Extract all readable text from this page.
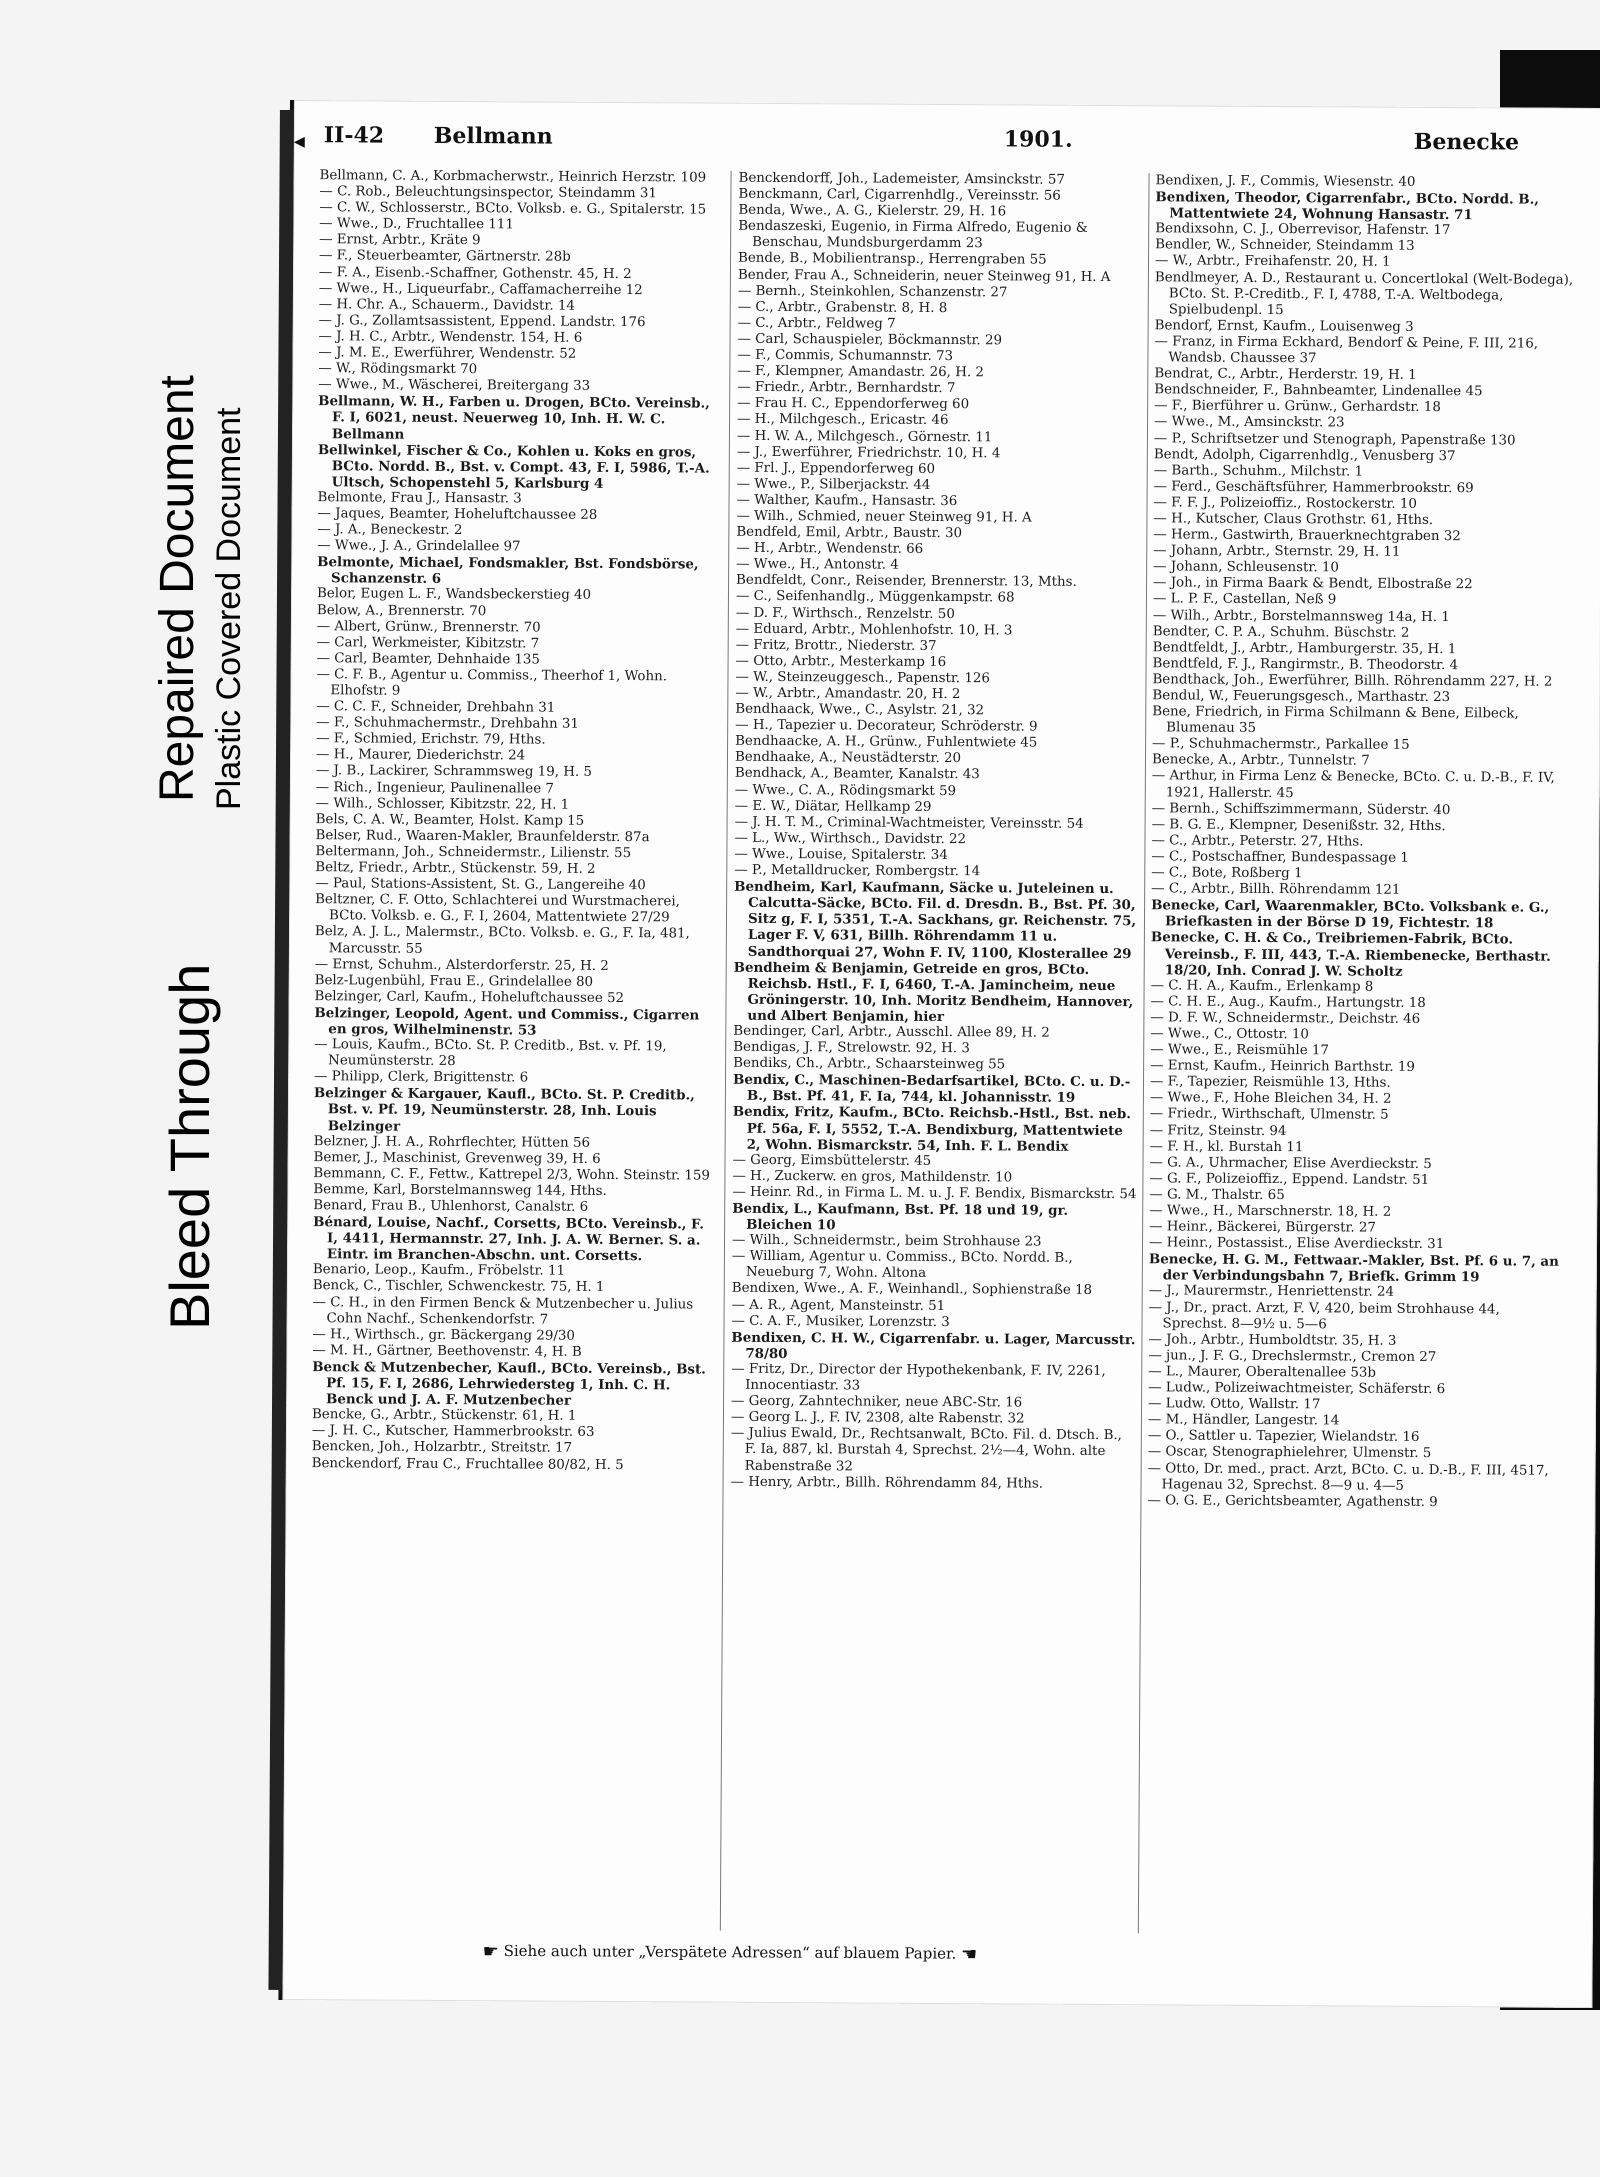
Bleed Through
Repaired Document Plastic Covered Document
◂ II-42 Bellmann	1901.	Benecke

Bellmann, C. A., Korbmacherwstr., Heinrich Herzstr. 109

— C. Rob., Beleuchtungsinspector, Steindamm 31

— C. W., Schlosserstr., BCto. Volksb. e. G., Spitalerstr. 15

— Wwe., D., Fruchtallee 111

— Ernst, Arbtr., Kräte 9

— F., Steuerbeamter, Gärtnerstr. 28b

— F. A., Eisenb.-Schaffner, Gothenstr. 45, H. 2

— Wwe., H., Liqueurfabr., Caffamacherreihe 12

— H. Chr. A., Schauerm., Davidstr. 14

— J. G., Zollamtsassistent, Eppend. Landstr. 176

— J. H. C., Arbtr., Wendenstr. 154, H. 6

— J. M. E., Ewerführer, Wendenstr. 52

— W., Rödingsmarkt 70

— Wwe., M., Wäscherei, Breitergang 33

Bellmann, W. H., Farben u. Drogen, BCto. Vereinsb., F. I, 6021, neust. Neuerweg 10, Inh. H. W. C. Bellmann

Bellwinkel, Fischer & Co., Kohlen u. Koks en gros, BCto. Nordd. B., Bst. v. Compt. 43, F. I, 5986, T.-A. Ultsch, Schopenstehl 5, Karlsburg 4

Belmonte, Frau J., Hansastr. 3

— Jaques, Beamter, Hoheluftchaussee 28

— J. A., Beneckestr. 2

— Wwe., J. A., Grindelallee 97

Belmonte, Michael, Fondsmakler, Bst. Fondsbörse, Schanzenstr. 6

Belor, Eugen L. F., Wandsbeckerstieg 40

Below, A., Brennerstr. 70

— Albert, Grünw., Brennerstr. 70

— Carl, Werkmeister, Kibitzstr. 7

— Carl, Beamter, Dehnhaide 135

— C. F. B., Agentur u. Commiss., Theerhof 1, Wohn. Elhofstr. 9

— C. C. F., Schneider, Drehbahn 31

— F., Schuhmachermstr., Drehbahn 31

— F., Schmied, Erichstr. 79, Hths.

— H., Maurer, Diederichstr. 24

— J. B., Lackirer, Schrammsweg 19, H. 5

— Rich., Ingenieur, Paulinenallee 7

— Wilh., Schlosser, Kibitzstr. 22, H. 1

Bels, C. A. W., Beamter, Holst. Kamp 15

Belser, Rud., Waaren-Makler, Braunfelderstr. 87a

Beltermann, Joh., Schneidermstr., Lilienstr. 55

Beltz, Friedr., Arbtr., Stückenstr. 59, H. 2

— Paul, Stations-Assistent, St. G., Langereihe 40

Beltzner, C. F. Otto, Schlachterei und Wurstmacherei, BCto. Volksb. e. G., F. I, 2604, Mattentwiete 27/29

Belz, A. J. L., Malermstr., BCto. Volksb. e. G., F. Ia, 481, Marcusstr. 55

— Ernst, Schuhm., Alsterdorferstr. 25, H. 2

Belz-Lugenbühl, Frau E., Grindelallee 80

Belzinger, Carl, Kaufm., Hoheluftchaussee 52

Belzinger, Leopold, Agent. und Commiss., Cigarren en gros, Wilhelminenstr. 53

— Louis, Kaufm., BCto. St. P. Creditb., Bst. v. Pf. 19, Neumünsterstr. 28

— Philipp, Clerk, Brigittenstr. 6

Belzinger & Kargauer, Kaufl., BCto. St. P. Creditb., Bst. v. Pf. 19, Neumünsterstr. 28, Inh. Louis Belzinger

Belzner, J. H. A., Rohrflechter, Hütten 56

Bemer, J., Maschinist, Grevenweg 39, H. 6

Bemmann, C. F., Fettw., Kattrepel 2/3, Wohn. Steinstr. 159

Bemme, Karl, Borstelmannsweg 144, Hths.

Benard, Frau B., Uhlenhorst, Canalstr. 6

Bénard, Louise, Nachf., Corsetts, BCto. Vereinsb., F. I, 4411, Hermannstr. 27, Inh. J. A. W. Berner. S. a. Eintr. im Branchen-Abschn. unt. Corsetts.

Benario, Leop., Kaufm., Fröbelstr. 11

Benck, C., Tischler, Schwenckestr. 75, H. 1

— C. H., in den Firmen Benck & Mutzenbecher u. Julius Cohn Nachf., Schenkendorfstr. 7

— H., Wirthsch., gr. Bäckergang 29/30

— M. H., Gärtner, Beethovenstr. 4, H. B

Benck & Mutzenbecher, Kaufl., BCto. Vereinsb., Bst. Pf. 15, F. I, 2686, Lehrwiedersteg 1, Inh. C. H. Benck und J. A. F. Mutzenbecher

Bencke, G., Arbtr., Stückenstr. 61, H. 1

— J. H. C., Kutscher, Hammerbrookstr. 63

Bencken, Joh., Holzarbtr., Streitstr. 17

Benckendorf, Frau C., Fruchtallee 80/82, H. 5

Benckendorff, Joh., Lademeister, Amsinckstr. 57

Benckmann, Carl, Cigarrenhdlg., Vereinsstr. 56

Benda, Wwe., A. G., Kielerstr. 29, H. 16

Bendaszeski, Eugenio, in Firma Alfredo, Eugenio & Benschau, Mundsburgerdamm 23

Bende, B., Mobilientransp., Herrengraben 55

Bender, Frau A., Schneiderin, neuer Steinweg 91, H. A

— Bernh., Steinkohlen, Schanzenstr. 27

— C., Arbtr., Grabenstr. 8, H. 8

— C., Arbtr., Feldweg 7

— Carl, Schauspieler, Böckmannstr. 29

— F., Commis, Schumannstr. 73

— F., Klempner, Amandastr. 26, H. 2

— Friedr., Arbtr., Bernhardstr. 7

— Frau H. C., Eppendorferweg 60

— H., Milchgesch., Ericastr. 46

— H. W. A., Milchgesch., Görnestr. 11

— J., Ewerführer, Friedrichstr. 10, H. 4

— Frl. J., Eppendorferweg 60

— Wwe., P., Silberjackstr. 44

— Walther, Kaufm., Hansastr. 36

— Wilh., Schmied, neuer Steinweg 91, H. A

Bendfeld, Emil, Arbtr., Baustr. 30

— H., Arbtr., Wendenstr. 66

— Wwe., H., Antonstr. 4

Bendfeldt, Conr., Reisender, Brennerstr. 13, Mths.

— C., Seifenhandlg., Müggenkampstr. 68

— D. F., Wirthsch., Renzelstr. 50

— Eduard, Arbtr., Mohlenhofstr. 10, H. 3

— Fritz, Brottr., Niederstr. 37

— Otto, Arbtr., Mesterkamp 16

— W., Steinzeuggesch., Papenstr. 126

— W., Arbtr., Amandastr. 20, H. 2

Bendhaack, Wwe., C., Asylstr. 21, 32

— H., Tapezier u. Decorateur, Schröderstr. 9

Bendhaacke, A. H., Grünw., Fuhlentwiete 45

Bendhaake, A., Neustädterstr. 20

Bendhack, A., Beamter, Kanalstr. 43

— Wwe., C. A., Rödingsmarkt 59

— E. W., Diätar, Hellkamp 29

— J. H. T. M., Criminal-Wachtmeister, Vereinsstr. 54

— L., Ww., Wirthsch., Davidstr. 22

— Wwe., Louise, Spitalerstr. 34

— P., Metalldrucker, Rombergstr. 14

Bendheim, Karl, Kaufmann, Säcke u. Juteleinen u. Calcutta-Säcke, BCto. Fil. d. Dresdn. B., Bst. Pf. 30, Sitz g, F. I, 5351, T.-A. Sackhans, gr. Reichenstr. 75, Lager F. V, 631, Billh. Röhrendamm 11 u. Sandthorquai 27, Wohn F. IV, 1100, Klosterallee 29

Bendheim & Benjamin, Getreide en gros, BCto. Reichsb. Hstl., F. I, 6460, T.-A. Jamincheim, neue Gröningerstr. 10, Inh. Moritz Bendheim, Hannover, und Albert Benjamin, hier

Bendinger, Carl, Arbtr., Ausschl. Allee 89, H. 2

Bendigas, J. F., Strelowstr. 92, H. 3

Bendiks, Ch., Arbtr., Schaarsteinweg 55

Bendix, C., Maschinen-Bedarfsartikel, BCto. C. u. D.-B., Bst. Pf. 41, F. Ia, 744, kl. Johannisstr. 19

Bendix, Fritz, Kaufm., BCto. Reichsb.-Hstl., Bst. neb. Pf. 56a, F. I, 5552, T.-A. Bendixburg, Mattentwiete 2, Wohn. Bismarckstr. 54, Inh. F. L. Bendix

— Georg, Eimsbüttelerstr. 45

— H., Zuckerw. en gros, Mathildenstr. 10

— Heinr. Rd., in Firma L. M. u. J. F. Bendix, Bismarckstr. 54

Bendix, L., Kaufmann, Bst. Pf. 18 und 19, gr. Bleichen 10

— Wilh., Schneidermstr., beim Strohhause 23

— William, Agentur u. Commiss., BCto. Nordd. B., Neueburg 7, Wohn. Altona

Bendixen, Wwe., A. F., Weinhandl., Sophienstraße 18

— A. R., Agent, Mansteinstr. 51

— C. A. F., Musiker, Lorenzstr. 3

Bendixen, C. H. W., Cigarrenfabr. u. Lager, Marcusstr. 78/80

— Fritz, Dr., Director der Hypothekenbank, F. IV, 2261, Innocentiastr. 33

— Georg, Zahntechniker, neue ABC-Str. 16

— Georg L. J., F. IV, 2308, alte Rabenstr. 32

— Julius Ewald, Dr., Rechtsanwalt, BCto. Fil. d. Dtsch. B., F. Ia, 887, kl. Burstah 4, Sprechst. 2½—4, Wohn. alte Rabenstraße 32

— Henry, Arbtr., Billh. Röhrendamm 84, Hths.

Bendixen, J. F., Commis, Wiesenstr. 40

Bendixen, Theodor, Cigarrenfabr., BCto. Nordd. B., Mattentwiete 24, Wohnung Hansastr. 71

Bendixsohn, C. J., Oberrevisor, Hafenstr. 17

Bendler, W., Schneider, Steindamm 13

— W., Arbtr., Freihafenstr. 20, H. 1

Bendlmeyer, A. D., Restaurant u. Concertlokal (Welt-Bodega), BCto. St. P.-Creditb., F. I, 4788, T.-A. Weltbodega, Spielbudenpl. 15

Bendorf, Ernst, Kaufm., Louisenweg 3

— Franz, in Firma Eckhard, Bendorf & Peine, F. III, 216, Wandsb. Chaussee 37

Bendrat, C., Arbtr., Herderstr. 19, H. 1

Bendschneider, F., Bahnbeamter, Lindenallee 45

— F., Bierführer u. Grünw., Gerhardstr. 18

— Wwe., M., Amsinckstr. 23

— P., Schriftsetzer und Stenograph, Papenstraße 130

Bendt, Adolph, Cigarrenhdlg., Venusberg 37

— Barth., Schuhm., Milchstr. 1

— Ferd., Geschäftsführer, Hammerbrookstr. 69

— F. F. J., Polizeioffiz., Rostockerstr. 10

— H., Kutscher, Claus Grothstr. 61, Hths.

— Herm., Gastwirth, Brauerknechtgraben 32

— Johann, Arbtr., Sternstr. 29, H. 11

— Johann, Schleusenstr. 10

— Joh., in Firma Baark & Bendt, Elbostraße 22

— L. P. F., Castellan, Neß 9

— Wilh., Arbtr., Borstelmannsweg 14a, H. 1

Bendter, C. P. A., Schuhm. Büschstr. 2

Bendtfeldt, J., Arbtr., Hamburgerstr. 35, H. 1

Bendtfeld, F. J., Rangirmstr., B. Theodorstr. 4

Bendthack, Joh., Ewerführer, Billh. Röhrendamm 227, H. 2

Bendul, W., Feuerungsgesch., Marthastr. 23

Bene, Friedrich, in Firma Schilmann & Bene, Eilbeck, Blumenau 35

— P., Schuhmachermstr., Parkallee 15

Benecke, A., Arbtr., Tunnelstr. 7

— Arthur, in Firma Lenz & Benecke, BCto. C. u. D.-B., F. IV, 1921, Hallerstr. 45

— Bernh., Schiffszimmermann, Süderstr. 40

— B. G. E., Klempner, Desenißstr. 32, Hths.

— C., Arbtr., Peterstr. 27, Hths.

— C., Postschaffner, Bundespassage 1

— C., Bote, Roßberg 1

— C., Arbtr., Billh. Röhrendamm 121

Benecke, Carl, Waarenmakler, BCto. Volksbank e. G., Briefkasten in der Börse D 19, Fichtestr. 18

Benecke, C. H. & Co., Treibriemen-Fabrik, BCto. Vereinsb., F. III, 443, T.-A. Riembenecke, Berthastr. 18/20, Inh. Conrad J. W. Scholtz

— C. H. A., Kaufm., Erlenkamp 8

— C. H. E., Aug., Kaufm., Hartungstr. 18

— D. F. W., Schneidermstr., Deichstr. 46

— Wwe., C., Ottostr. 10

— Wwe., E., Reismühle 17

— Ernst, Kaufm., Heinrich Barthstr. 19

— F., Tapezier, Reismühle 13, Hths.

— Wwe., F., Hohe Bleichen 34, H. 2

— Friedr., Wirthschaft, Ulmenstr. 5

— Fritz, Steinstr. 94

— F. H., kl. Burstah 11

— G. A., Uhrmacher, Elise Averdieckstr. 5

— G. F., Polizeioffiz., Eppend. Landstr. 51

— G. M., Thalstr. 65

— Wwe., H., Marschnerstr. 18, H. 2

— Heinr., Bäckerei, Bürgerstr. 27

— Heinr., Postassist., Elise Averdieckstr. 31

Benecke, H. G. M., Fettwaar.-Makler, Bst. Pf. 6 u. 7, an der Verbindungsbahn 7, Briefk. Grimm 19

— J., Maurermstr., Henriettenstr. 24

— J., Dr., pract. Arzt, F. V, 420, beim Strohhause 44, Sprechst. 8—9½ u. 5—6

— Joh., Arbtr., Humboldtstr. 35, H. 3

— jun., J. F. G., Drechslermstr., Cremon 27

— L., Maurer, Oberaltenallee 53b

— Ludw., Polizeiwachtmeister, Schäferstr. 6

— Ludw. Otto, Wallstr. 17

— M., Händler, Langestr. 14

— O., Sattler u. Tapezier, Wielandstr. 16

— Oscar, Stenographielehrer, Ulmenstr. 5

— Otto, Dr. med., pract. Arzt, BCto. C. u. D.-B., F. III, 4517, Hagenau 32, Sprechst. 8—9 u. 4—5

— O. G. E., Gerichtsbeamter, Agathenstr. 9

☛ Siehe auch unter „Verspätete Adressen“ auf blauem Papier. ☚
